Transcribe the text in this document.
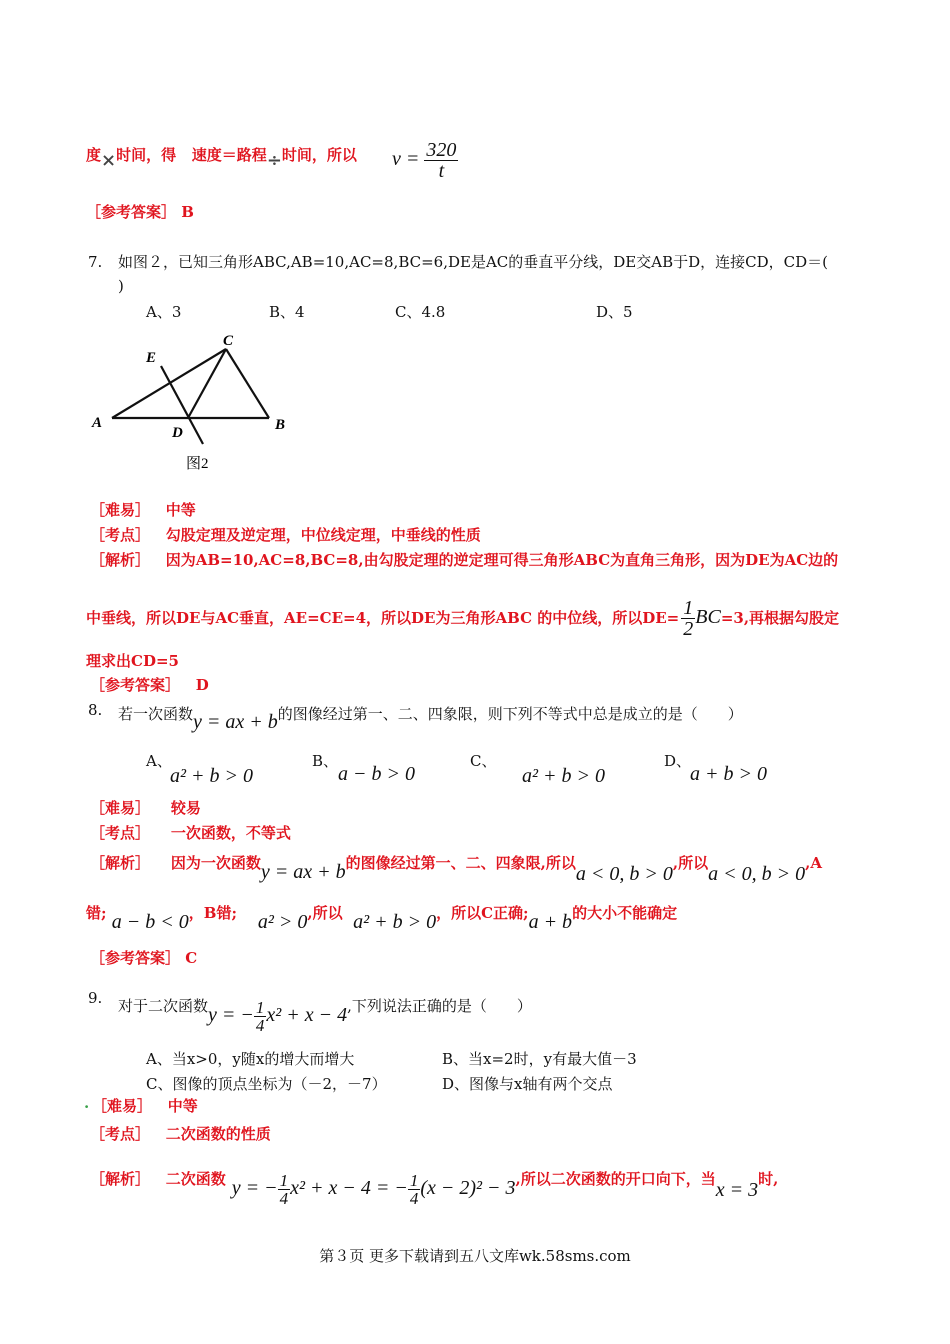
度×时间，得 速度＝路程÷时间，所以 $v = \frac{320}{t}$
［参考答案］ B
7. 如图２，已知三角形ABC,AB=10,AC=8,BC=6,DE是AC的垂直平分线，DE交AB于D，连接CD，CD＝(
)
A、3	B、4	C、4.8	D、5
A	B
C
D
E
图2
［难易］ 中等
［考点］ 勾股定理及逆定理，中位线定理，中垂线的性质
［解析］ 因为AB=10,AC=8,BC=8,由勾股定理的逆定理可得三角形ABC为直角三角形，因为DE为AC边的
中垂线，所以DE与AC垂直，AE=CE=4，所以DE为三角形ABC 的中位线，所以$DE= \frac{1}{2} BC=3$,再根据勾股定
理求出CD=5
［参考答案］ D
8. 若一次函数y = ax + b的图像经过第一、二、四象限，则下列不等式中总是成立的是（　　）
A、
a² + b > 0
B、
a − b > 0
C、
a² + b > 0
D、
a + b > 0
［难易］ 较易
［考点］ 一次函数，不等式
［解析］ 因为一次函数y = ax + b的图像经过第一、二、四象限,所以a < 0, b > 0,所以a < 0, b > 0,A
错; a − b < 0，B错; a² > 0,所以 a² + b > 0，所以C正确;a + b的大小不能确定
［参考答案］ C
9. 对于二次函数y = − $\frac{1}{4} x^2 + x - 4$,下列说法正确的是（　　）
A、当x>0，y随x的增大而增大	B、当x=2时，y有最大值－3
C、图像的顶点坐标为（－2，－7）	D、图像与x轴有两个交点
. ［难易］ 中等
［考点］ 二次函数的性质
［解析］ 二次函数 y = − $\frac{1}{4} x^2 + x - 4$ = − $\frac{1}{4} (x - 2)^2 - 3$,所以二次函数的开口向下，当x = 3时,
第３页 更多下载请到五八文库wk.58sms.com
